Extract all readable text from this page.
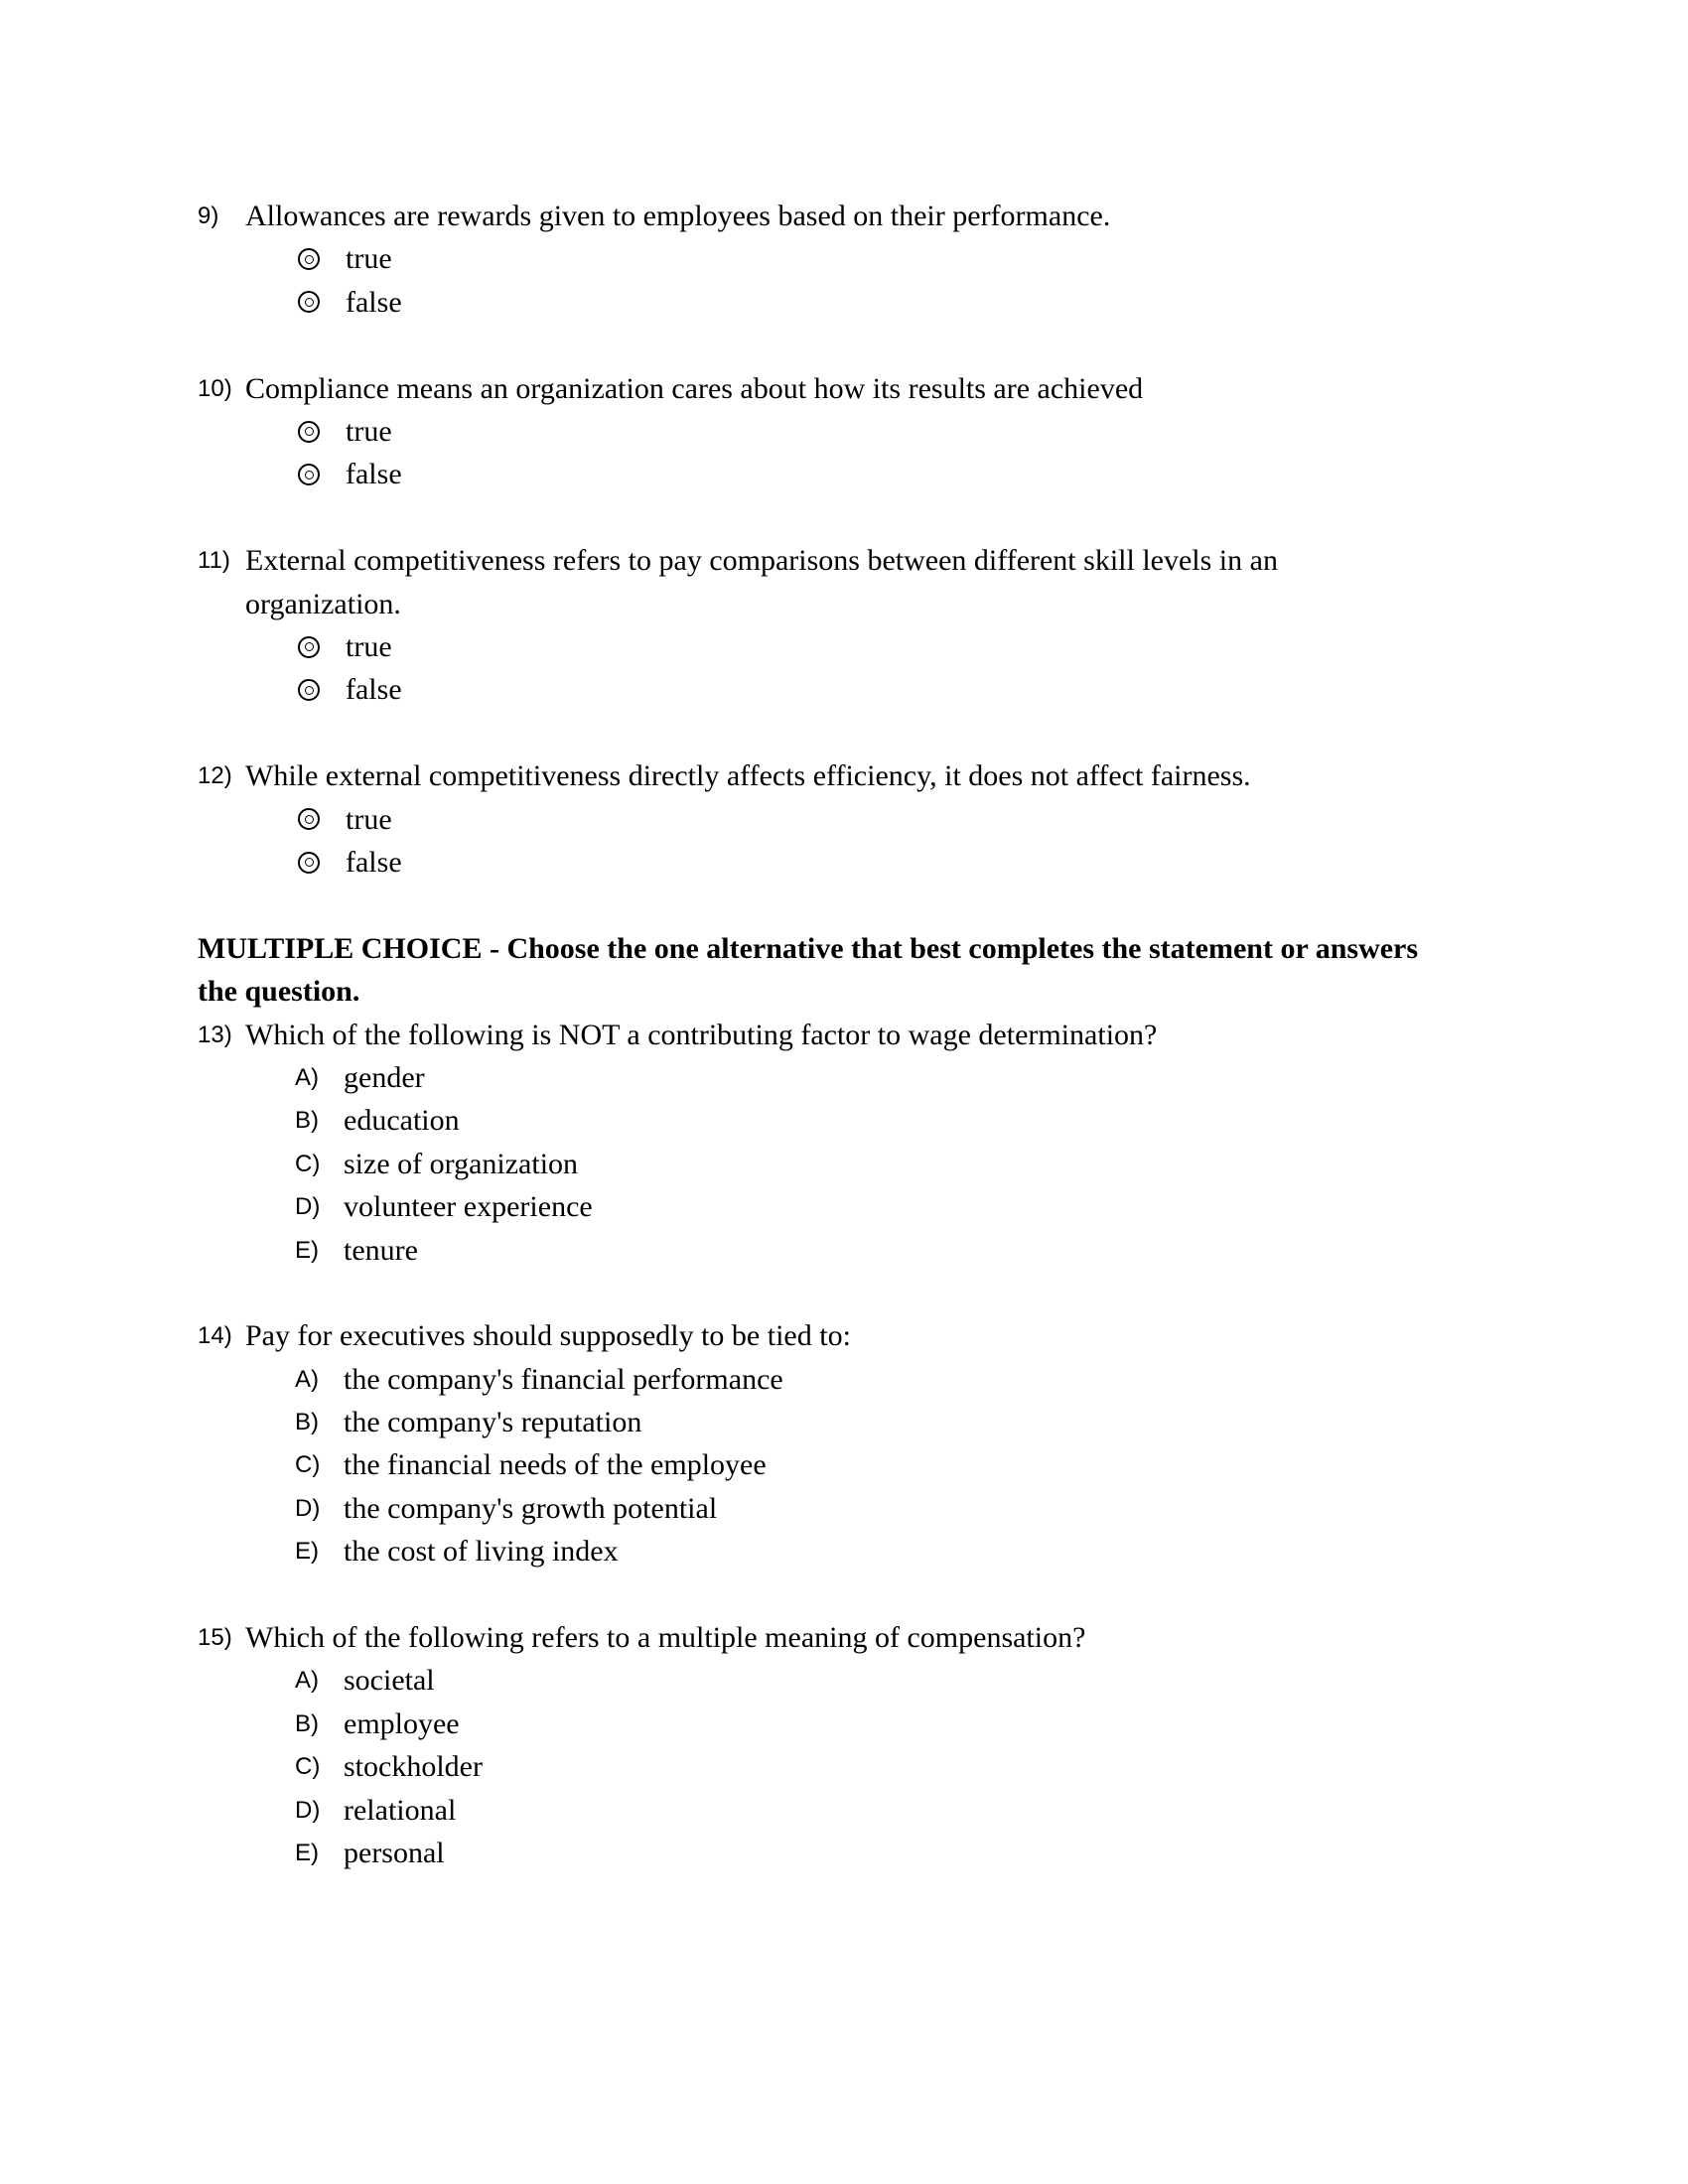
9) Allowances are rewards given to employees based on their performance.
true
false
10) Compliance means an organization cares about how its results are achieved
true
false
11) External competitiveness refers to pay comparisons between different skill levels in an organization.
true
false
12) While external competitiveness directly affects efficiency, it does not affect fairness.
true
false
MULTIPLE CHOICE - Choose the one alternative that best completes the statement or answers the question.
13) Which of the following is NOT a contributing factor to wage determination?
A) gender
B) education
C) size of organization
D) volunteer experience
E) tenure
14) Pay for executives should supposedly to be tied to:
A) the company's financial performance
B) the company's reputation
C) the financial needs of the employee
D) the company's growth potential
E) the cost of living index
15) Which of the following refers to a multiple meaning of compensation?
A) societal
B) employee
C) stockholder
D) relational
E) personal
